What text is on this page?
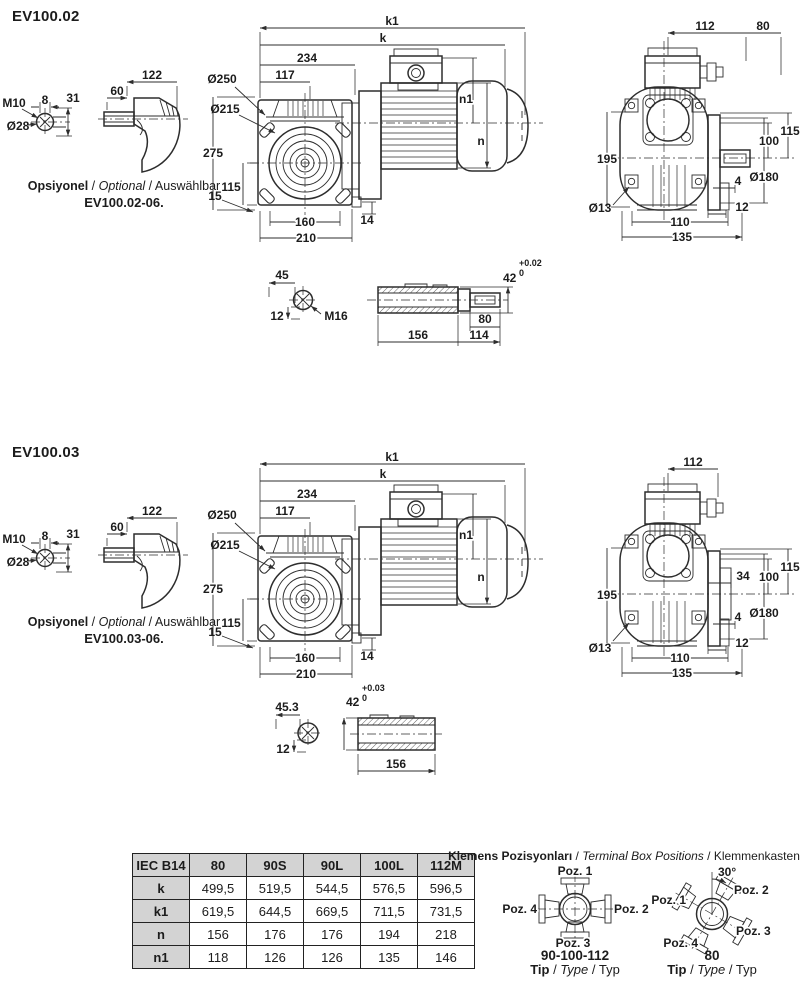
EV100.02
M10 8 31
Ø28
122
60
Opsiyonel / Optional / Auswählbar
EV100.02-06.
k1
k
234
117
Ø250
Ø215
275
115
15
160
210
14
n1
n
112	80
195
115
100
Ø180
4
12
Ø13
110
135
45
12	M16
42
+0.02
0
80
156	114
EV100.03
M10 8 31
Ø28
122
60
Opsiyonel / Optional / Auswählbar
EV100.03-06.
k1
k
234
117
Ø250
Ø215
275
115
15
160
210
14
n1
n
112
195
115
100
34
Ø180
4
12
Ø13
110
135
45.3
12
42
+0.03
0
156
IEC B14	80	90S	90L	100L	112M
k	499,5	519,5	544,5	576,5	596,5
k1	619,5	644,5	669,5	711,5	731,5
n	156	176	176	194	218
n1	118	126	126	135	146
Klemens Pozisyonları / Terminal Box Positions / Klemmenkasten
Poz. 1
Poz. 2
Poz. 3
Poz. 4
90-100-112
Tip / Type / Typ
30°
Poz. 1
Poz. 2
Poz. 3
Poz. 4
80
Tip / Type / Typ
